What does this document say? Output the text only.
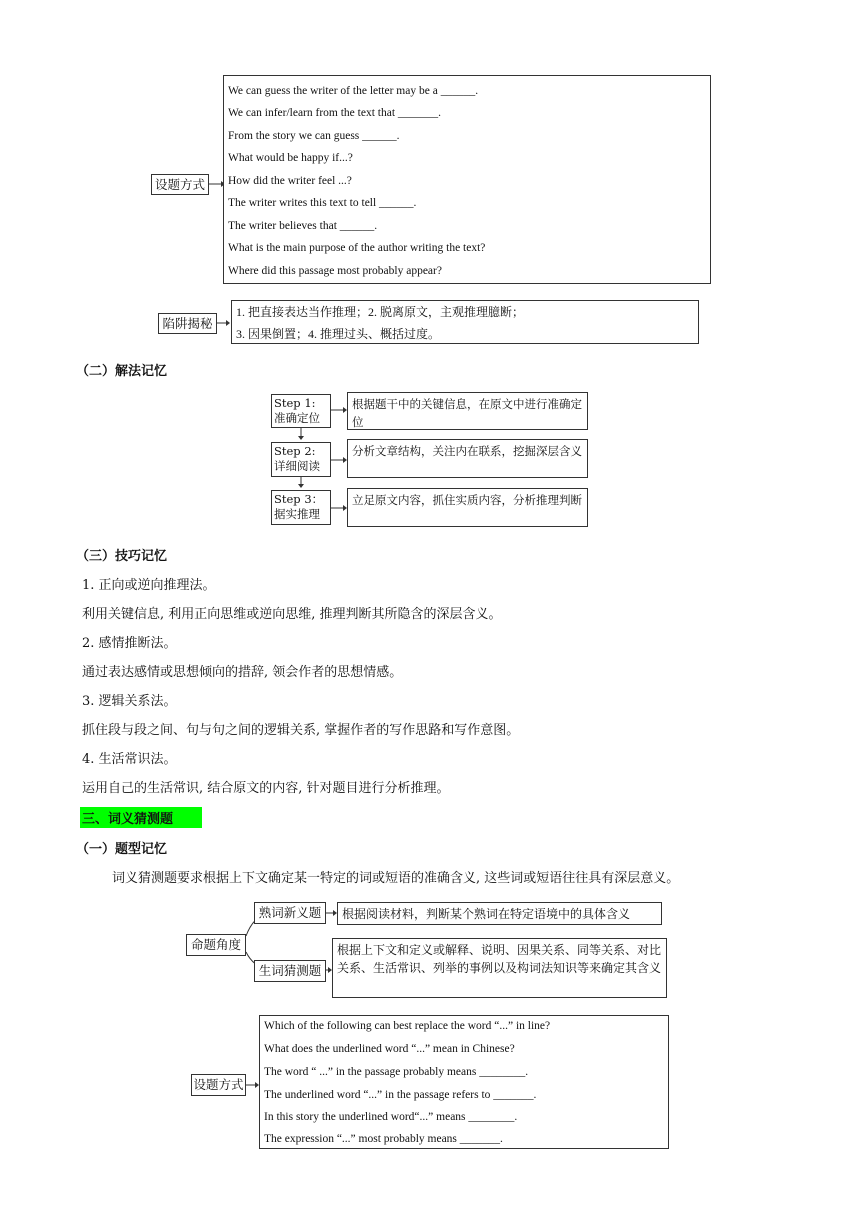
设题方式
We can guess the writer of the letter may be a ______.
We can infer/learn from the text that _______.
From the story we can guess ______.
What would be happy if...?
How did the writer feel ...?
The writer writes this text to tell ______.
The writer believes that ______.
What is the main purpose of the author writing the text?
Where did this passage most probably appear?
陷阱揭秘
1. 把直接表达当作推理；2. 脱离原文，主观推理臆断；
3. 因果倒置；4. 推理过头、概括过度。
（二）解法记忆
Step 1:
准确定位
根据题干中的关键信息，在原文中进行准确定位
Step 2:
详细阅读
分析文章结构，关注内在联系，挖掘深层含义
Step 3：
据实推理
立足原文内容，抓住实质内容，分析推理判断
（三）技巧记忆
1. 正向或逆向推理法。
利用关键信息, 利用正向思维或逆向思维, 推理判断其所隐含的深层含义。
2. 感情推断法。
通过表达感情或思想倾向的措辞, 领会作者的思想情感。
3. 逻辑关系法。
抓住段与段之间、句与句之间的逻辑关系, 掌握作者的写作思路和写作意图。
4. 生活常识法。
运用自己的生活常识, 结合原文的内容, 针对题目进行分析推理。
三、词义猜测题
（一）题型记忆
词义猜测题要求根据上下文确定某一特定的词或短语的准确含义, 这些词或短语往往具有深层意义。
命题角度
熟词新义题	根据阅读材料，判断某个熟词在特定语境中的具体含义
生词猜测题
根据上下文和定义或解释、说明、因果关系、同等关系、对比关系、生活常识、列举的事例以及构词法知识等来确定其含义
设题方式
Which of the following can best replace the word “...” in line?
What does the underlined word “...” mean in Chinese?
The word “ ...” in the passage probably means ________.
The underlined word “...” in the passage refers to _______.
In this story the underlined word“...” means ________.
The expression “...” most probably means _______.
